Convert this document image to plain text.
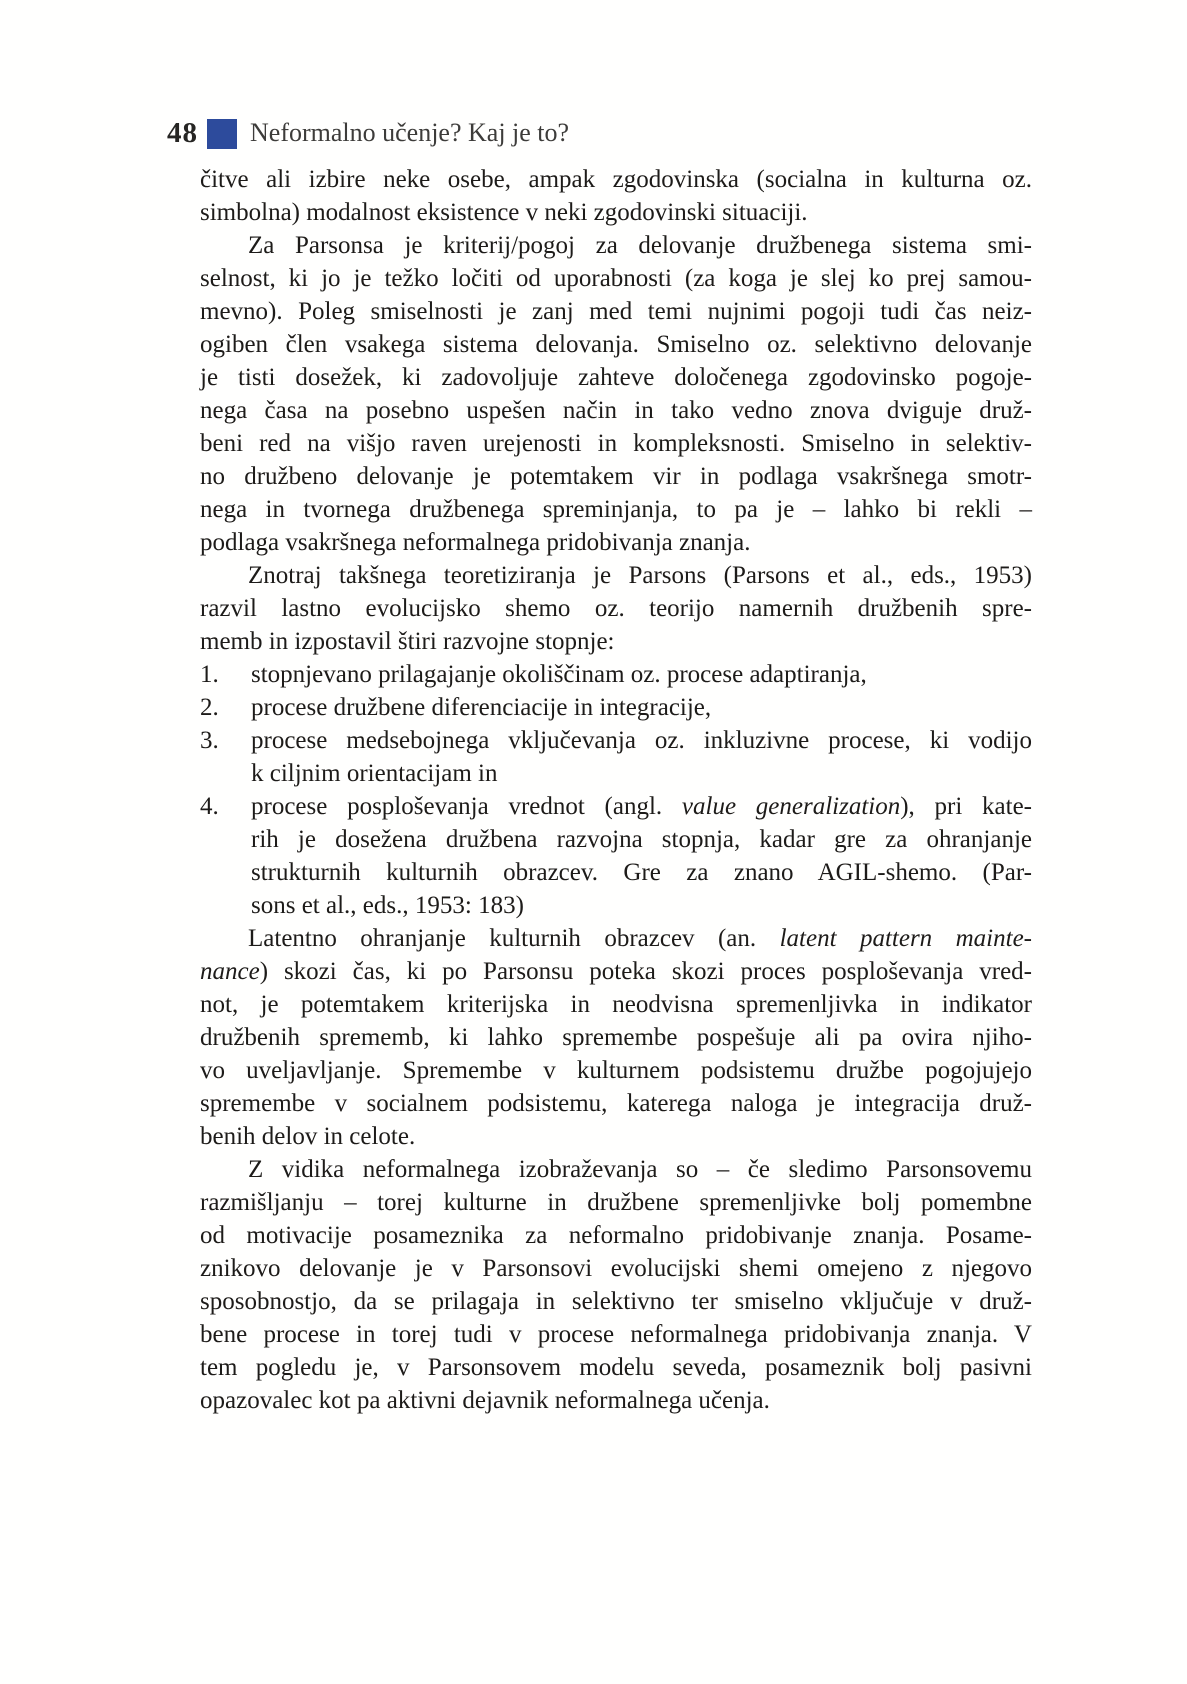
48 Neformalno učenje? Kaj je to?
čitve ali izbire neke osebe, ampak zgodovinska (socialna in kulturna oz.
simbolna) modalnost eksistence v neki zgodovinski situaciji.
Za Parsonsa je kriterij/pogoj za delovanje družbenega sistema smi-
selnost, ki jo je težko ločiti od uporabnosti (za koga je slej ko prej samou-
mevno). Poleg smiselnosti je zanj med temi nujnimi pogoji tudi čas neiz-
ogiben člen vsakega sistema delovanja. Smiselno oz. selektivno delovanje
je tisti dosežek, ki zadovoljuje zahteve določenega zgodovinsko pogoje-
nega časa na posebno uspešen način in tako vedno znova dviguje druž-
beni red na višjo raven urejenosti in kompleksnosti. Smiselno in selektiv-
no družbeno delovanje je potemtakem vir in podlaga vsakršnega smotr-
nega in tvornega družbenega spreminjanja, to pa je – lahko bi rekli –
podlaga vsakršnega neformalnega pridobivanja znanja.
Znotraj takšnega teoretiziranja je Parsons (Parsons et al., eds., 1953)
razvil lastno evolucijsko shemo oz. teorijo namernih družbenih spre-
memb in izpostavil štiri razvojne stopnje:
1.	stopnjevano prilagajanje okoliščinam oz. procese adaptiranja,
2.	procese družbene diferenciacije in integracije,
3.	procese medsebojnega vključevanja oz. inkluzivne procese, ki vodijo
k ciljnim orientacijam in
4.	procese posploševanja vrednot (angl. value generalization), pri kate-
rih je dosežena družbena razvojna stopnja, kadar gre za ohranjanje
strukturnih kulturnih obrazcev. Gre za znano AGIL-shemo. (Par-
sons et al., eds., 1953: 183)
Latentno ohranjanje kulturnih obrazcev (an. latent pattern mainte-
nance) skozi čas, ki po Parsonsu poteka skozi proces posploševanja vred-
not, je potemtakem kriterijska in neodvisna spremenljivka in indikator
družbenih sprememb, ki lahko spremembe pospešuje ali pa ovira njiho-
vo uveljavljanje. Spremembe v kulturnem podsistemu družbe pogojujejo
spremembe v socialnem podsistemu, katerega naloga je integracija druž-
benih delov in celote.
Z vidika neformalnega izobraževanja so – če sledimo Parsonsovemu
razmišljanju – torej kulturne in družbene spremenljivke bolj pomembne
od motivacije posameznika za neformalno pridobivanje znanja. Posame-
znikovo delovanje je v Parsonsovi evolucijski shemi omejeno z njegovo
sposobnostjo, da se prilagaja in selektivno ter smiselno vključuje v druž-
bene procese in torej tudi v procese neformalnega pridobivanja znanja. V
tem pogledu je, v Parsonsovem modelu seveda, posameznik bolj pasivni
opazovalec kot pa aktivni dejavnik neformalnega učenja.
